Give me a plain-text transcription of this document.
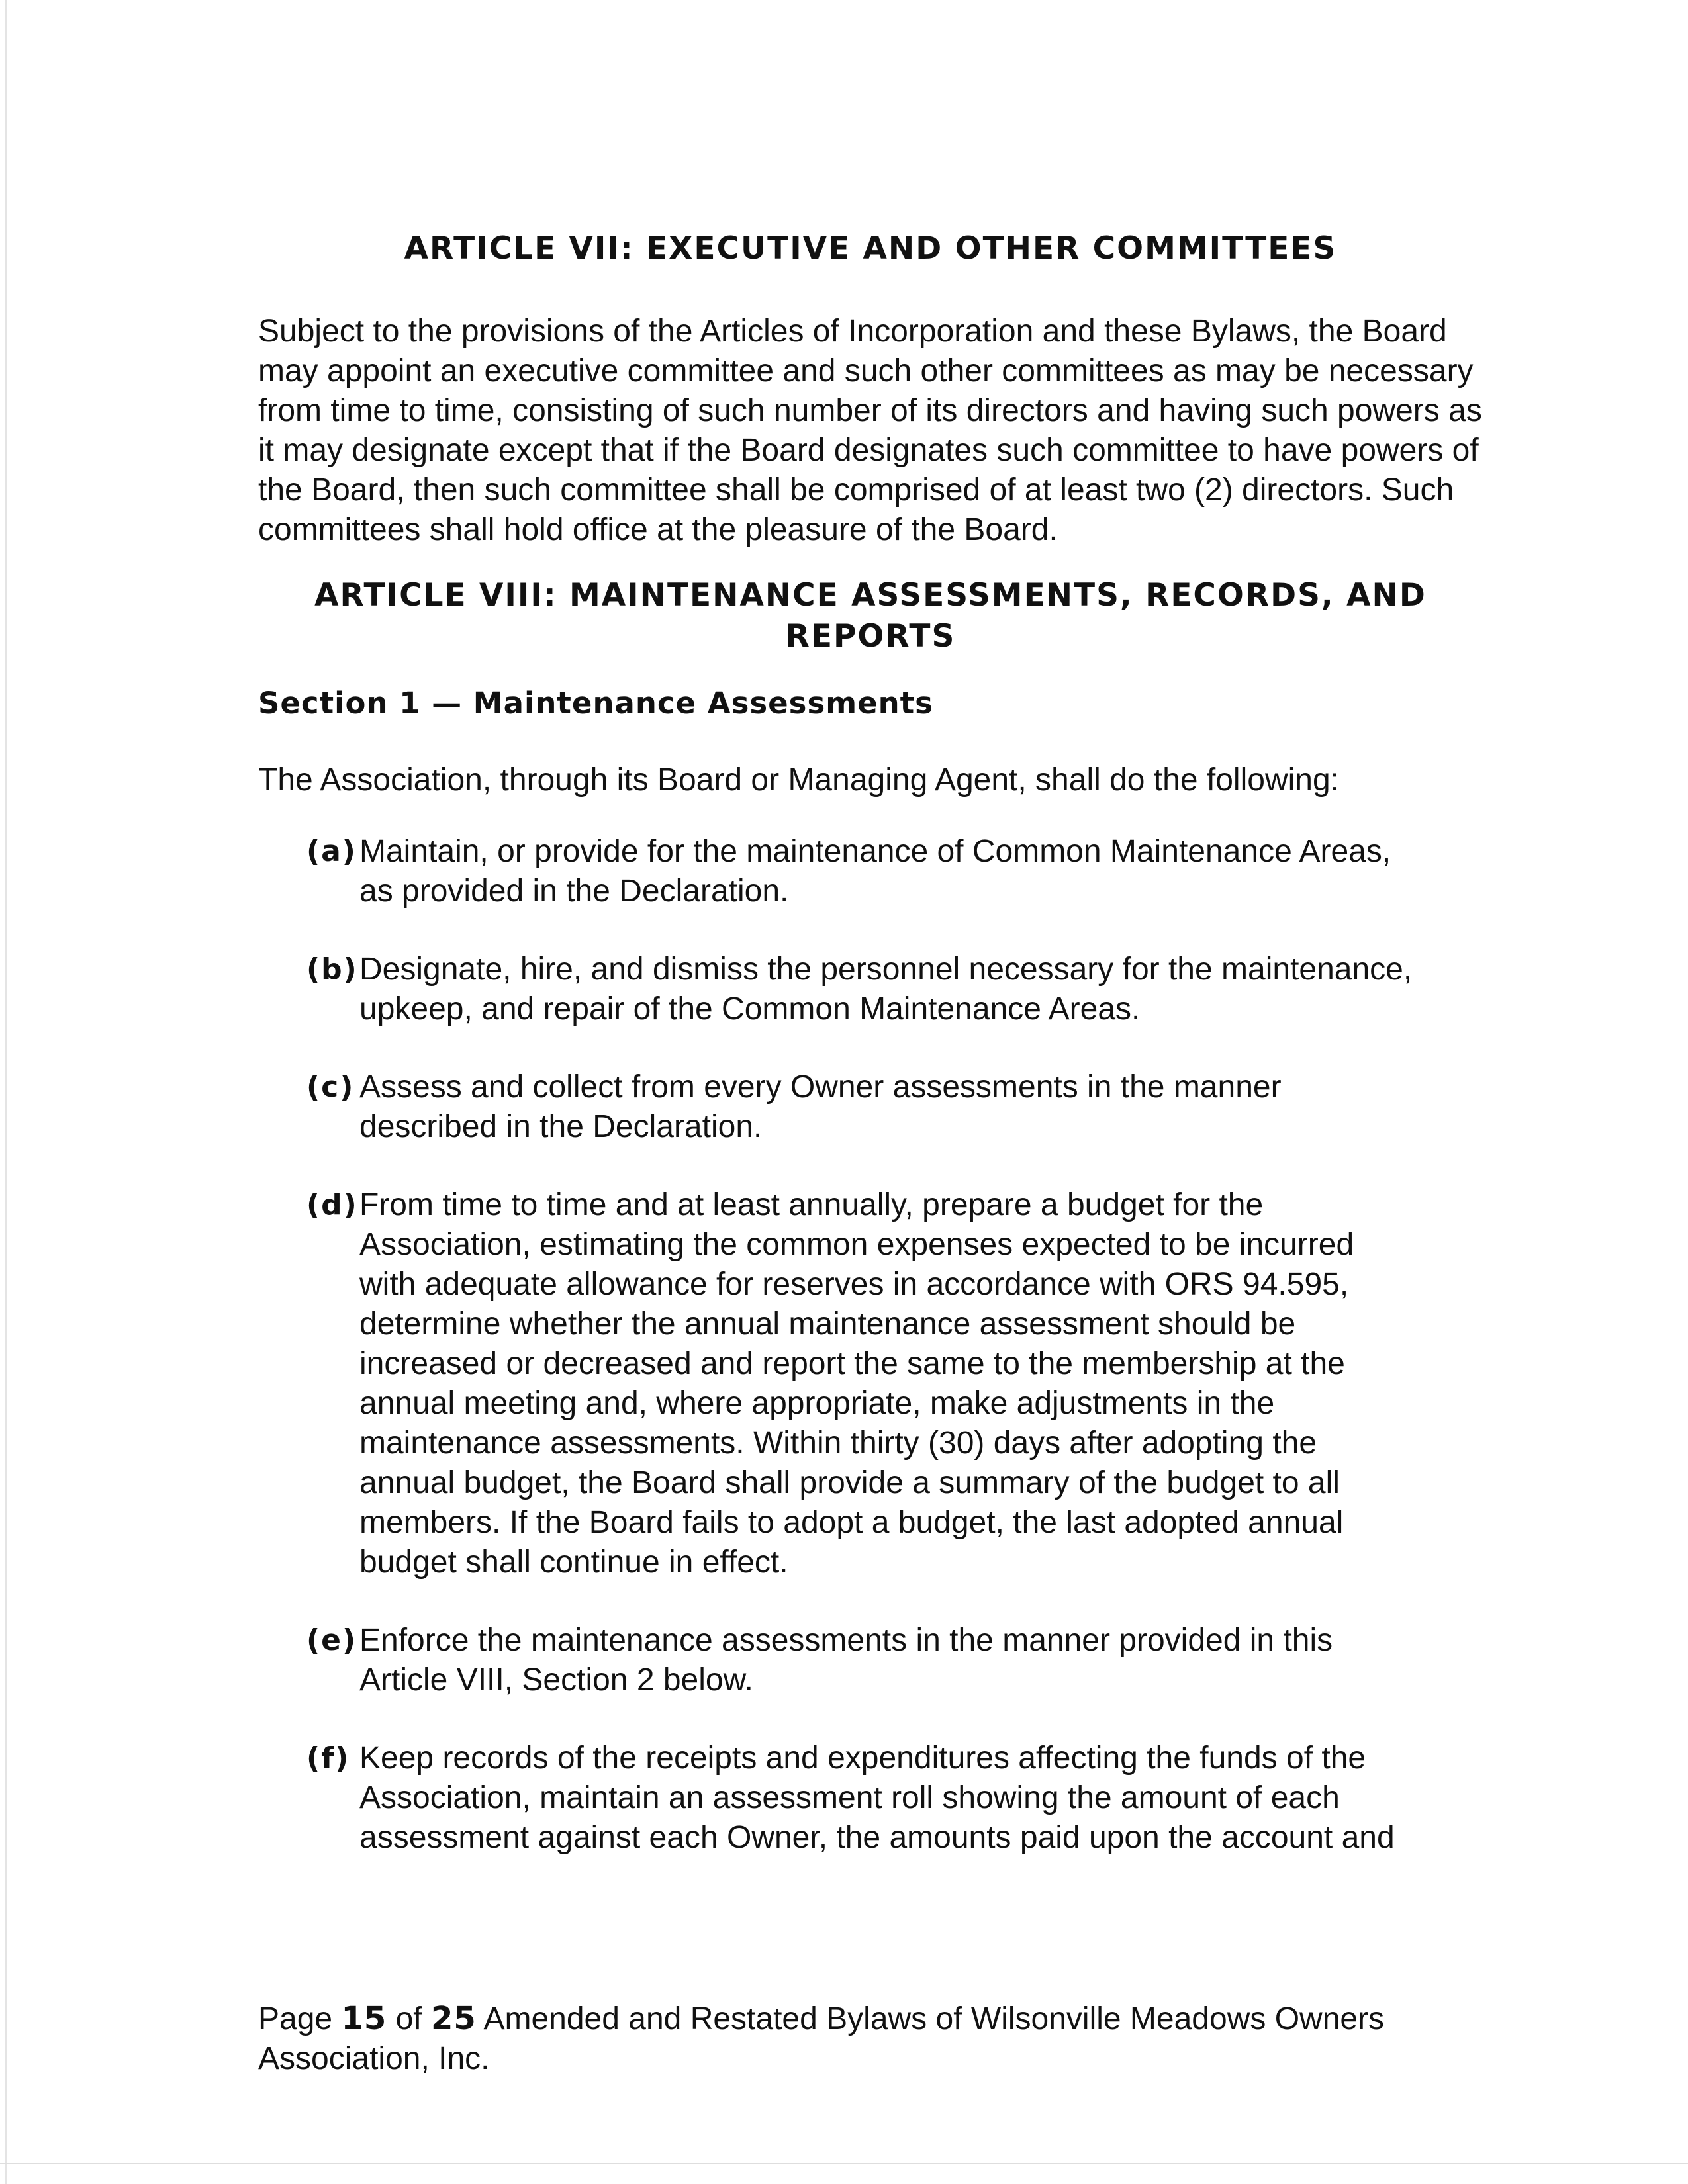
ARTICLE VII: EXECUTIVE AND OTHER COMMITTEES

Subject to the provisions of the Articles of Incorporation and these Bylaws, the Board may appoint an executive committee and such other committees as may be necessary from time to time, consisting of such number of its directors and having such powers as it may designate except that if the Board designates such committee to have powers of the Board, then such committee shall be comprised of at least two (2) directors. Such committees shall hold office at the pleasure of the Board.

ARTICLE VIII: MAINTENANCE ASSESSMENTS, RECORDS, AND
REPORTS
Section 1 — Maintenance Assessments

The Association, through its Board or Managing Agent, shall do the following:

(a) Maintain, or provide for the maintenance of Common Maintenance Areas,
as provided in the Declaration.
(b) Designate, hire, and dismiss the personnel necessary for the maintenance,
upkeep, and repair of the Common Maintenance Areas.
(c) Assess and collect from every Owner assessments in the manner
described in the Declaration.
(d) From time to time and at least annually, prepare a budget for the
Association, estimating the common expenses expected to be incurred
with adequate allowance for reserves in accordance with ORS 94.595,
determine whether the annual maintenance assessment should be
increased or decreased and report the same to the membership at the
annual meeting and, where appropriate, make adjustments in the
maintenance assessments. Within thirty (30) days after adopting the
annual budget, the Board shall provide a summary of the budget to all
members. If the Board fails to adopt a budget, the last adopted annual
budget shall continue in effect.
(e) Enforce the maintenance assessments in the manner provided in this
Article VIII, Section 2 below.
(f) Keep records of the receipts and expenditures affecting the funds of the
Association, maintain an assessment roll showing the amount of each
assessment against each Owner, the amounts paid upon the account and
Page 15 of 25 Amended and Restated Bylaws of Wilsonville Meadows Owners
Association, Inc.
